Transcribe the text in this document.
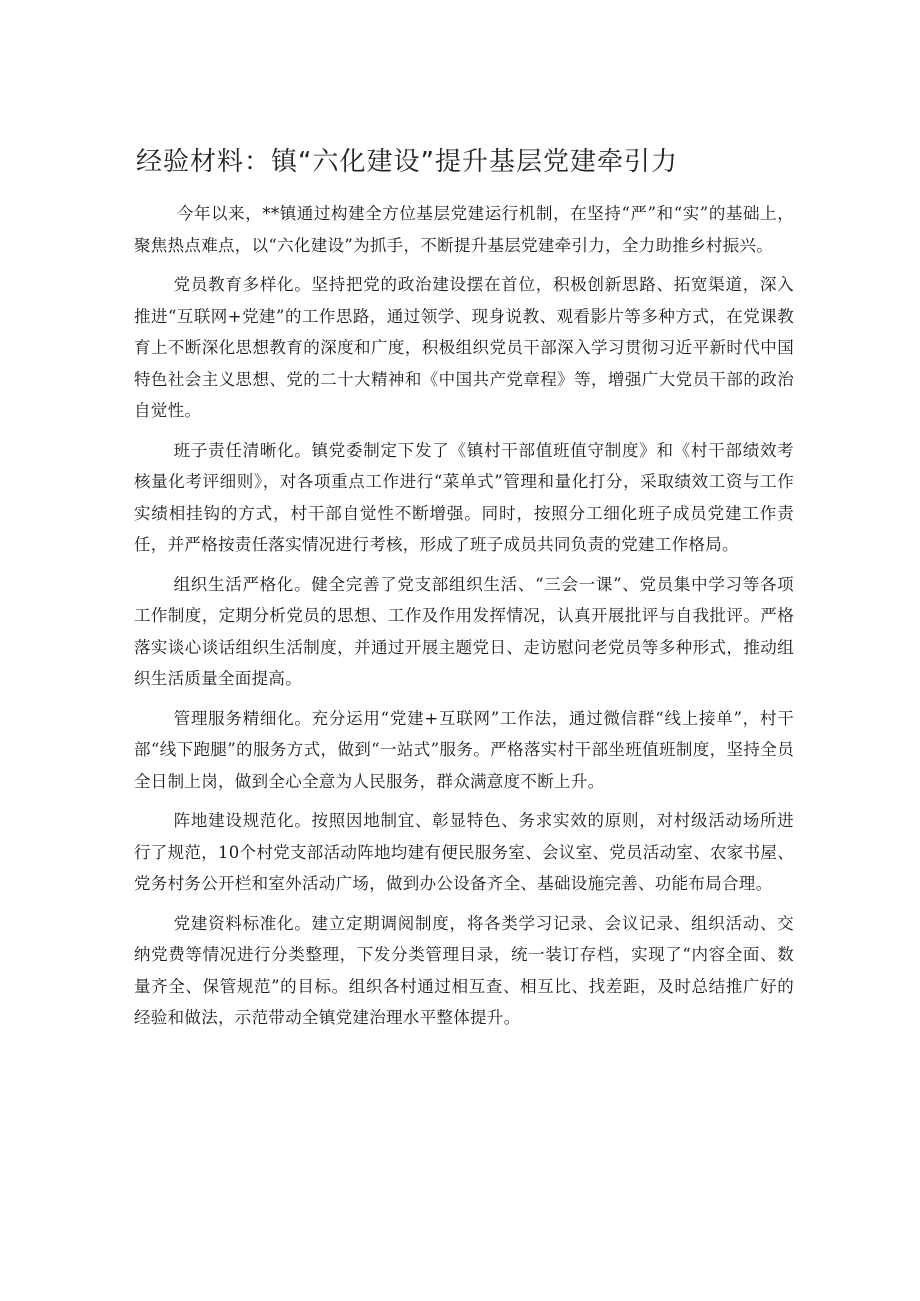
经验材料：镇“六化建设”提升基层党建牵引力

今年以来，**镇通过构建全方位基层党建运行机制，在坚持“严”和“实”的基础上，聚焦热点难点，以“六化建设”为抓手，不断提升基层党建牵引力，全力助推乡村振兴。

党员教育多样化。坚持把党的政治建设摆在首位，积极创新思路、拓宽渠道，深入推进“互联网+党建”的工作思路，通过领学、现身说教、观看影片等多种方式，在党课教育上不断深化思想教育的深度和广度，积极组织党员干部深入学习贯彻习近平新时代中国特色社会主义思想、党的二十大精神和《中国共产党章程》等，增强广大党员干部的政治自觉性。

班子责任清晰化。镇党委制定下发了《镇村干部值班值守制度》和《村干部绩效考核量化考评细则》，对各项重点工作进行“菜单式”管理和量化打分，采取绩效工资与工作实绩相挂钩的方式，村干部自觉性不断增强。同时，按照分工细化班子成员党建工作责任，并严格按责任落实情况进行考核，形成了班子成员共同负责的党建工作格局。

组织生活严格化。健全完善了党支部组织生活、“三会一课”、党员集中学习等各项工作制度，定期分析党员的思想、工作及作用发挥情况，认真开展批评与自我批评。严格落实谈心谈话组织生活制度，并通过开展主题党日、走访慰问老党员等多种形式，推动组织生活质量全面提高。

管理服务精细化。充分运用“党建+互联网”工作法，通过微信群“线上接单”，村干部“线下跑腿”的服务方式，做到“一站式”服务。严格落实村干部坐班值班制度，坚持全员全日制上岗，做到全心全意为人民服务，群众满意度不断上升。

阵地建设规范化。按照因地制宜、彰显特色、务求实效的原则，对村级活动场所进行了规范，10个村党支部活动阵地均建有便民服务室、会议室、党员活动室、农家书屋、党务村务公开栏和室外活动广场，做到办公设备齐全、基础设施完善、功能布局合理。

党建资料标准化。建立定期调阅制度，将各类学习记录、会议记录、组织活动、交纳党费等情况进行分类整理，下发分类管理目录，统一装订存档，实现了“内容全面、数量齐全、保管规范”的目标。组织各村通过相互查、相互比、找差距，及时总结推广好的经验和做法，示范带动全镇党建治理水平整体提升。
